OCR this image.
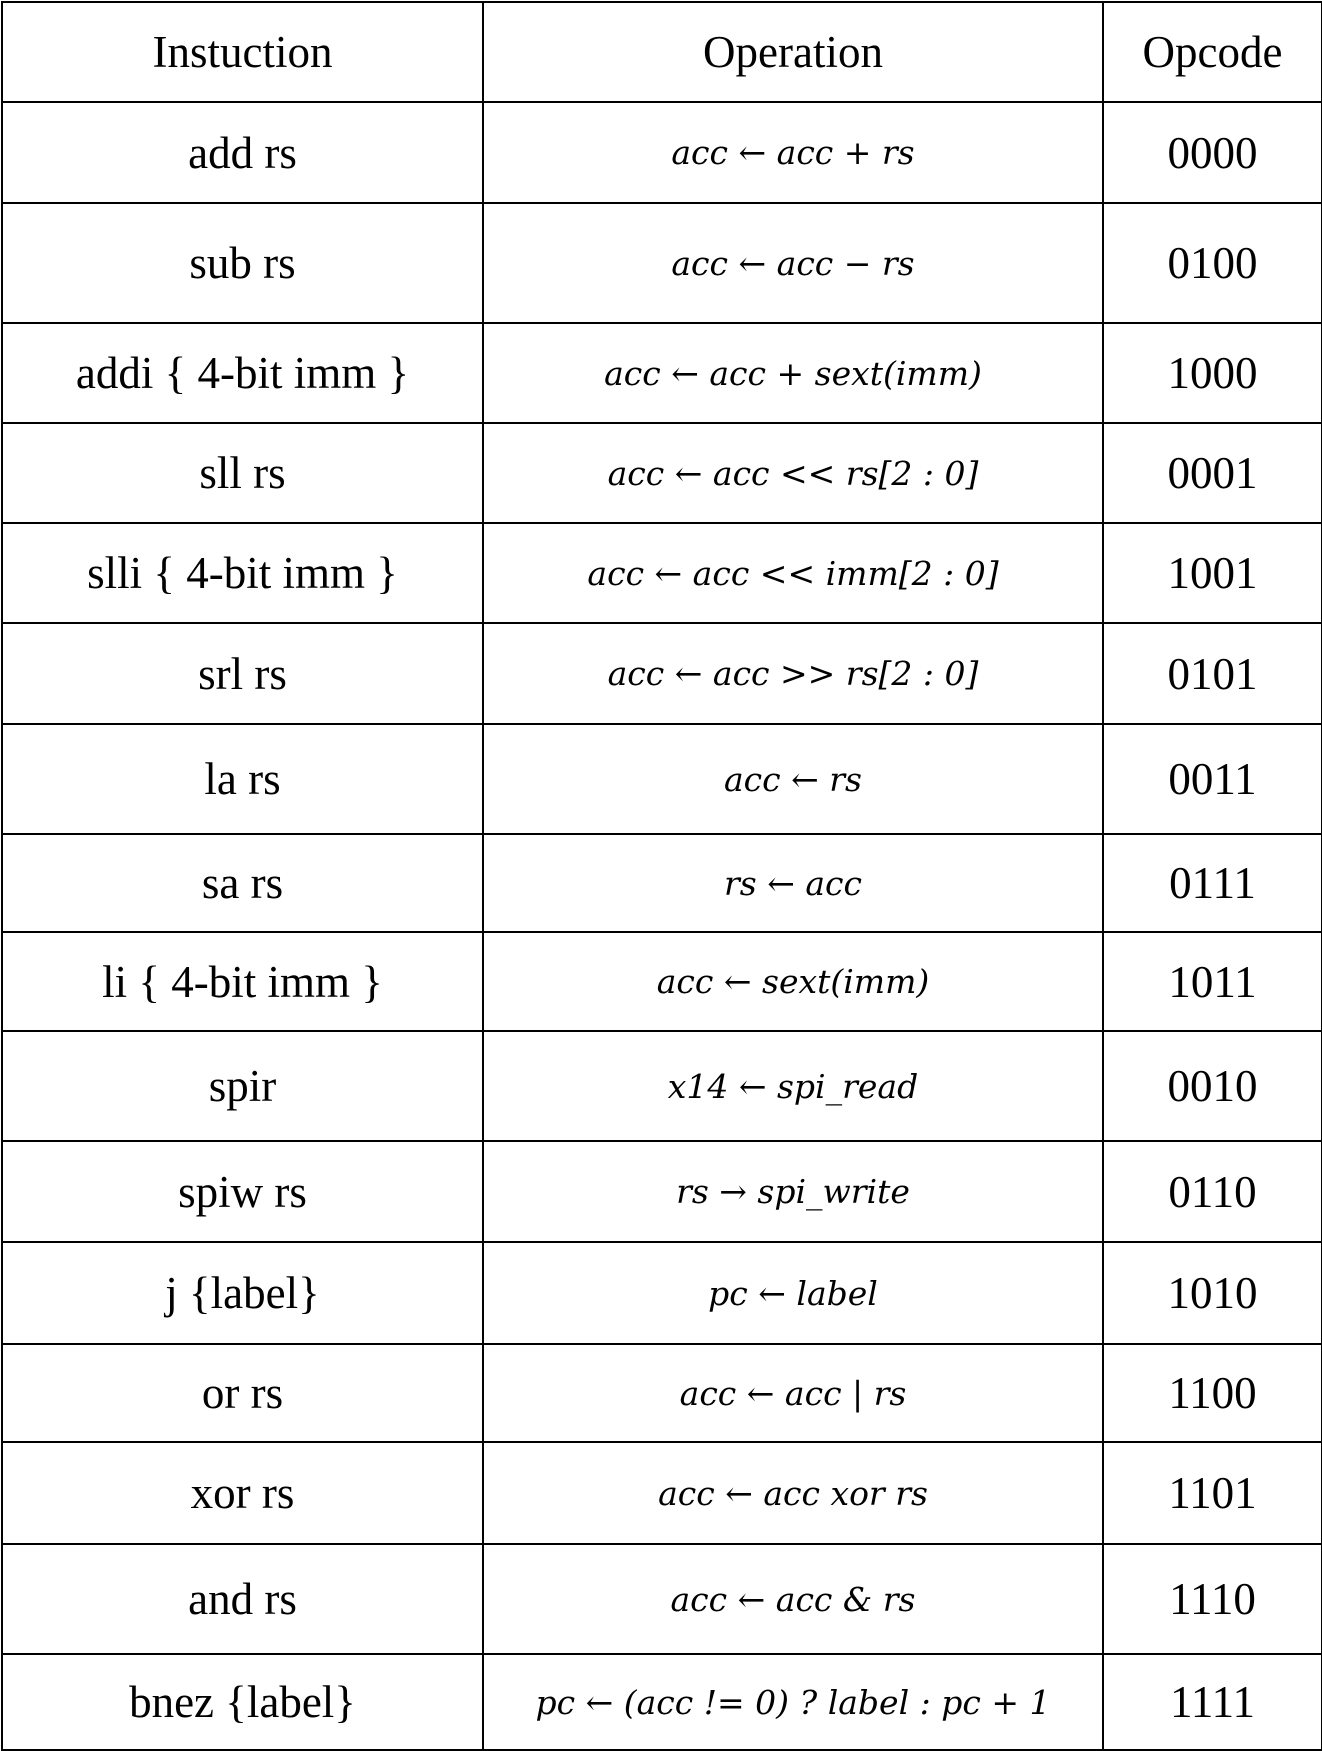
Instuction	Operation	Opcode
add rs	acc ← acc + rs	0000
sub rs	acc ← acc − rs	0100
addi { 4-bit imm }	acc ← acc + sext(imm)	1000
sll rs	acc ← acc << rs[2 : 0]	0001
slli { 4-bit imm }	acc ← acc << imm[2 : 0]	1001
srl rs	acc ← acc >> rs[2 : 0]	0101
la rs	acc ← rs	0011
sa rs	rs ← acc	0111
li { 4-bit imm }	acc ← sext(imm)	1011
spir	x14 ← spi_read	0010
spiw rs	rs → spi_write	0110
j {label}	pc ← label	1010
or rs	acc ← acc | rs	1100
xor rs	acc ← acc xor rs	1101
and rs	acc ← acc & rs	1110
bnez {label}	pc ← (acc != 0) ? label : pc + 1	1111
